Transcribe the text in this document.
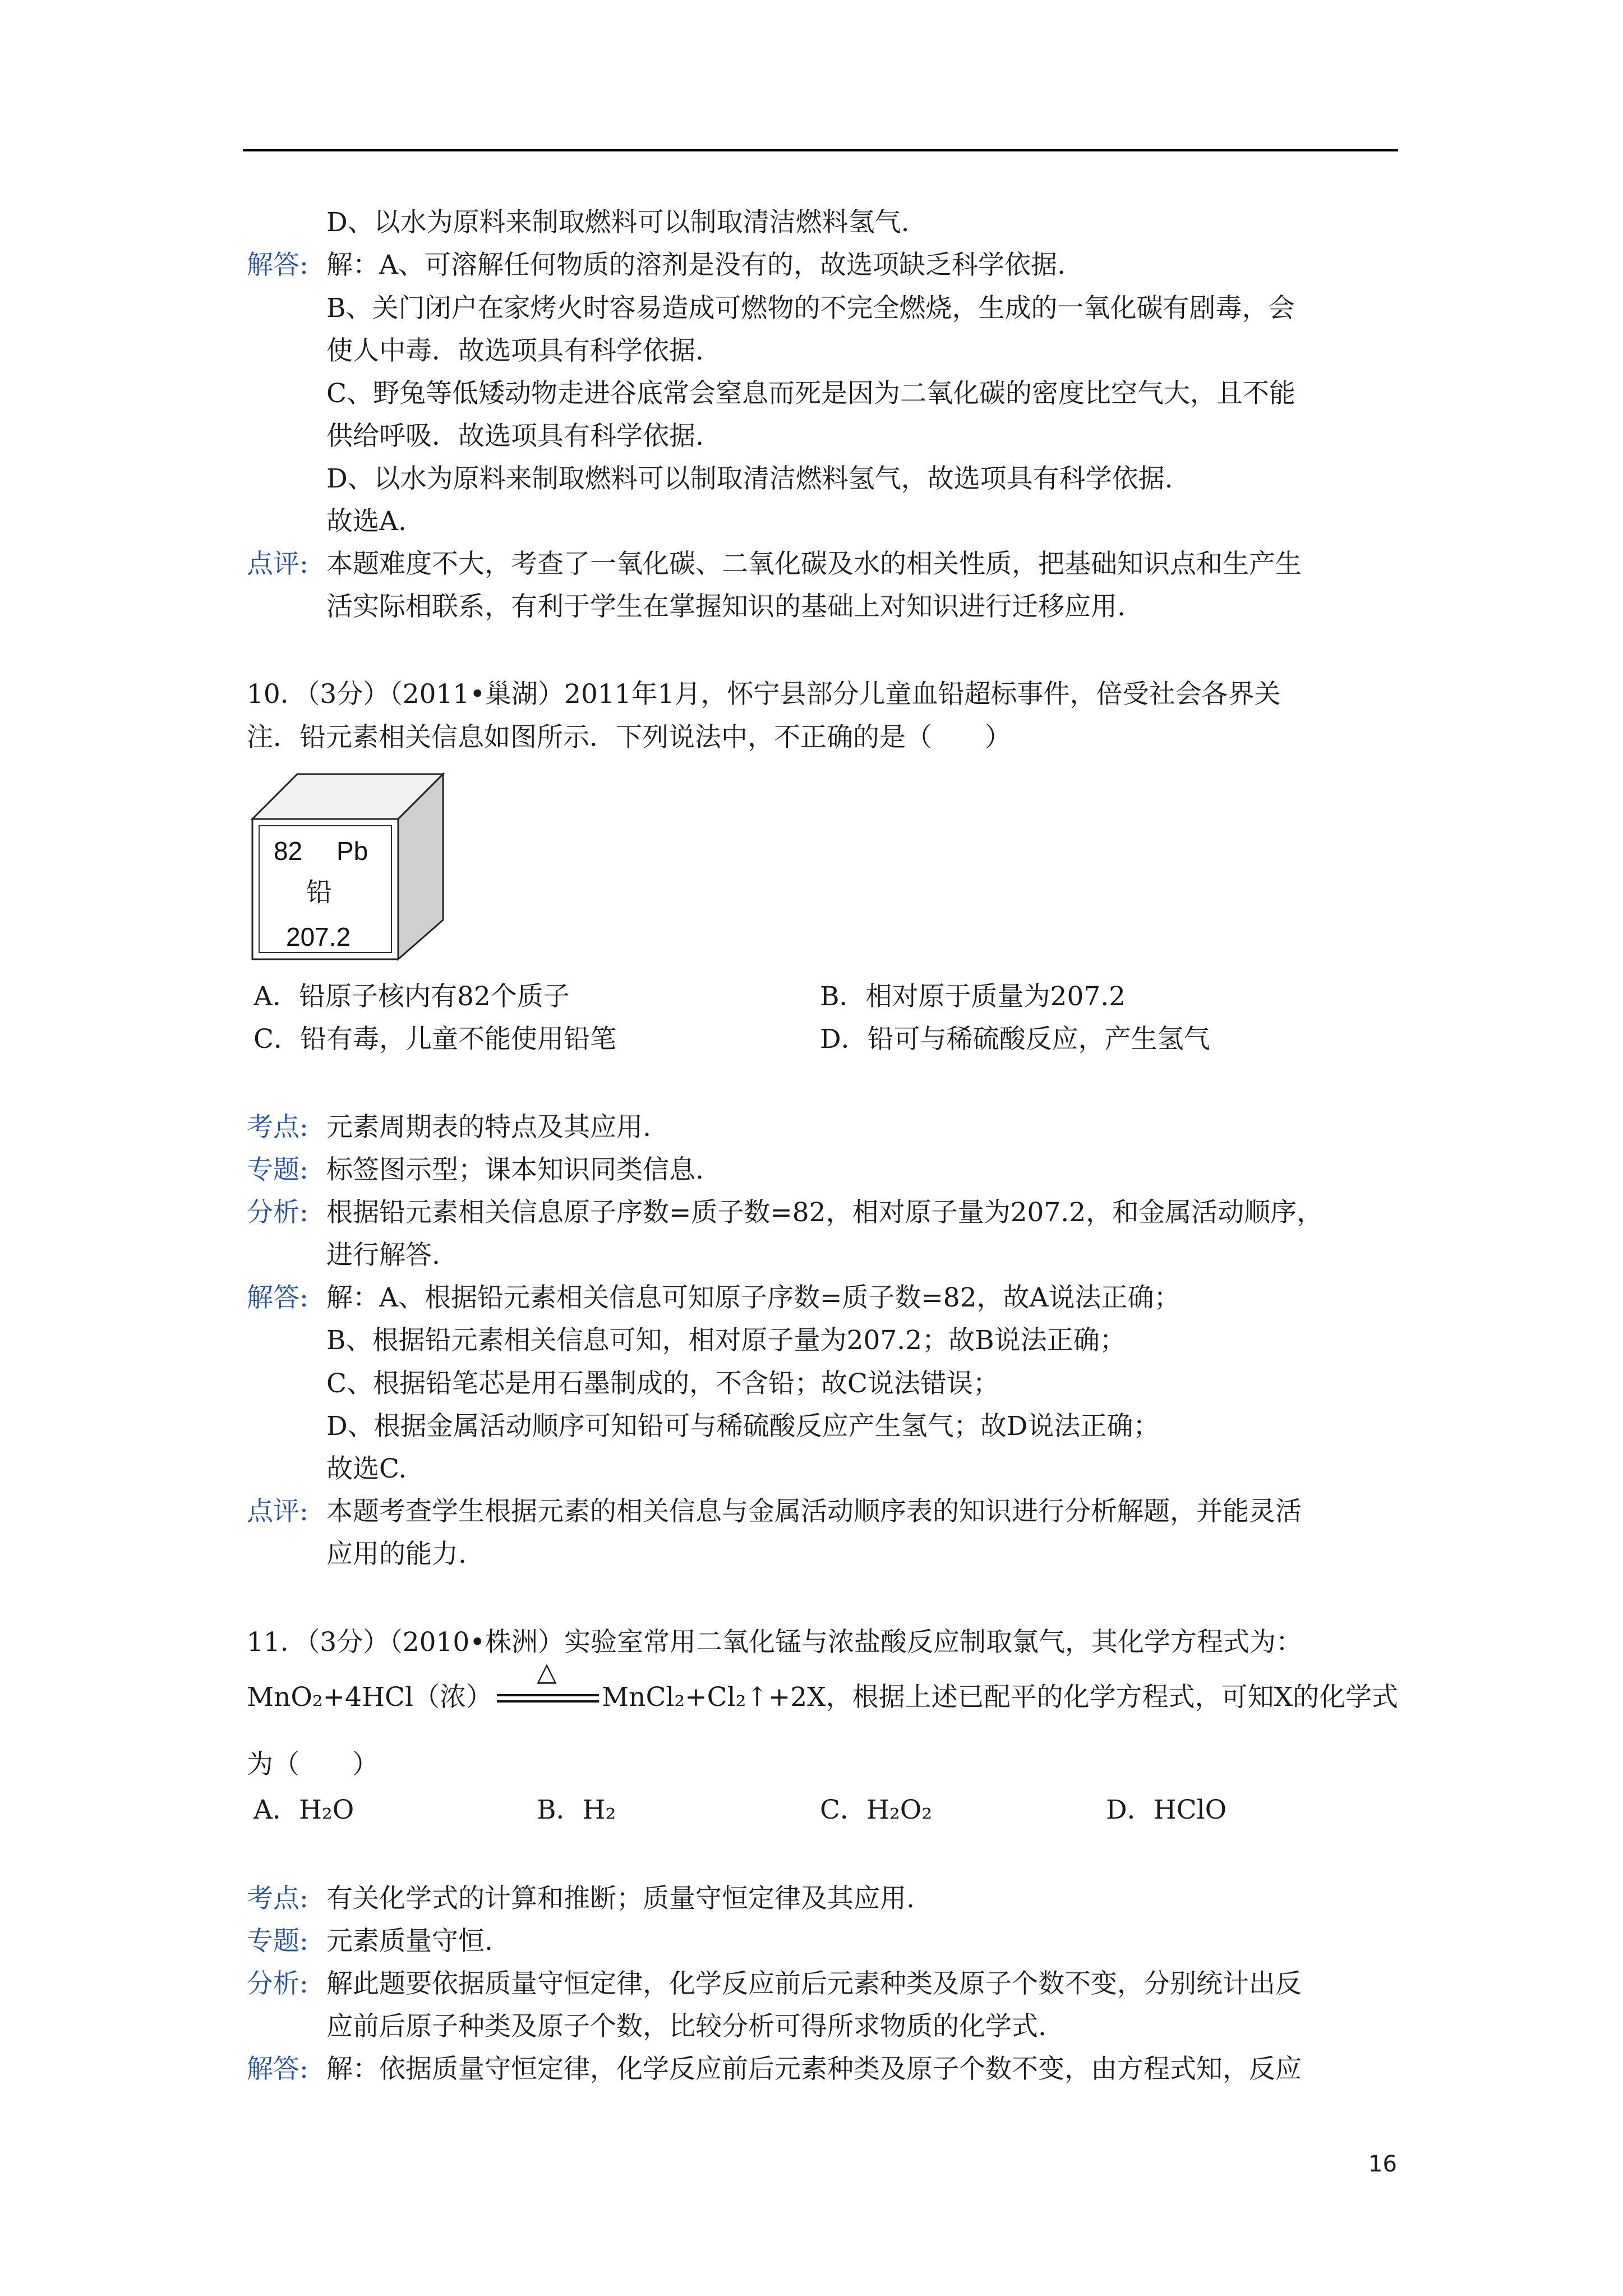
D、以水为原料来制取燃料可以制取清洁燃料氢气.
解答: 解：A、可溶解任何物质的溶剂是没有的，故选项缺乏科学依据.
B、关门闭户在家烤火时容易造成可燃物的不完全燃烧，生成的一氧化碳有剧毒，会
使人中毒．故选项具有科学依据.
C、野兔等低矮动物走进谷底常会窒息而死是因为二氧化碳的密度比空气大，且不能
供给呼吸．故选项具有科学依据.
D、以水为原料来制取燃料可以制取清洁燃料氢气，故选项具有科学依据.
故选A.
点评: 本题难度不大，考查了一氧化碳、二氧化碳及水的相关性质，把基础知识点和生产生
活实际相联系，有利于学生在掌握知识的基础上对知识进行迁移应用.
10．（3分）（2011•巢湖）2011年1月，怀宁县部分儿童血铅超标事件，倍受社会各界关
注．铅元素相关信息如图所示．下列说法中，不正确的是（　　）
82 Pb
铅
207.2
A．铅原子核内有82个质子	B．相对原于质量为207.2
C．铅有毒，儿童不能使用铅笔	D．铅可与稀硫酸反应，产生氢气
考点: 元素周期表的特点及其应用.
专题: 标签图示型；课本知识同类信息.
分析: 根据铅元素相关信息原子序数=质子数=82，相对原子量为207.2，和金属活动顺序，
进行解答.
解答: 解：A、根据铅元素相关信息可知原子序数=质子数=82，故A说法正确；
B、根据铅元素相关信息可知，相对原子量为207.2；故B说法正确；
C、根据铅笔芯是用石墨制成的，不含铅；故C说法错误；
D、根据金属活动顺序可知铅可与稀硫酸反应产生氢气；故D说法正确；
故选C.
点评: 本题考查学生根据元素的相关信息与金属活动顺序表的知识进行分析解题，并能灵活
应用的能力.
11．（3分）（2010•株洲）实验室常用二氧化锰与浓盐酸反应制取氯气，其化学方程式为：
MnO₂+4HCl（浓）
△
MnCl₂+Cl₂↑+2X，根据上述已配平的化学方程式，可知X的化学式
为（　　）
A．H₂O	B．H₂	C．H₂O₂	D．HClO
考点: 有关化学式的计算和推断；质量守恒定律及其应用.
专题: 元素质量守恒.
分析: 解此题要依据质量守恒定律，化学反应前后元素种类及原子个数不变，分别统计出反
应前后原子种类及原子个数，比较分析可得所求物质的化学式.
解答: 解：依据质量守恒定律，化学反应前后元素种类及原子个数不变，由方程式知，反应
16
